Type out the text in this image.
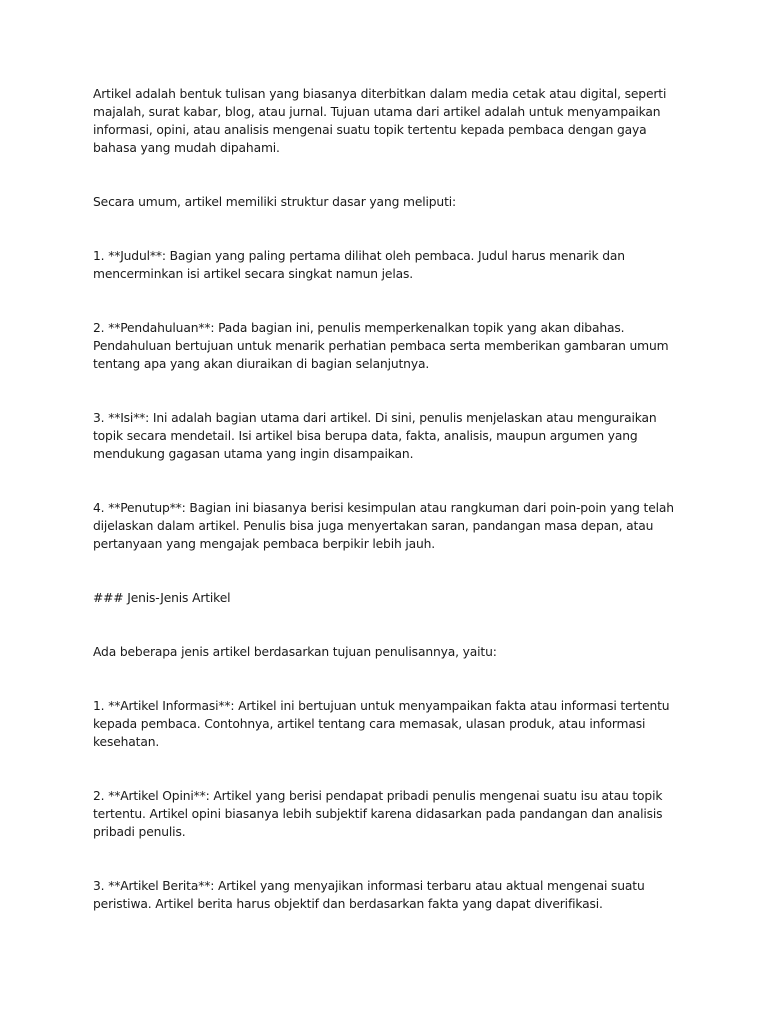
Artikel adalah bentuk tulisan yang biasanya diterbitkan dalam media cetak atau digital, seperti majalah, surat kabar, blog, atau jurnal. Tujuan utama dari artikel adalah untuk menyampaikan informasi, opini, atau analisis mengenai suatu topik tertentu kepada pembaca dengan gaya bahasa yang mudah dipahami.

Secara umum, artikel memiliki struktur dasar yang meliputi:

1. **Judul**: Bagian yang paling pertama dilihat oleh pembaca. Judul harus menarik dan mencerminkan isi artikel secara singkat namun jelas.

2. **Pendahuluan**: Pada bagian ini, penulis memperkenalkan topik yang akan dibahas. Pendahuluan bertujuan untuk menarik perhatian pembaca serta memberikan gambaran umum tentang apa yang akan diuraikan di bagian selanjutnya.

3. **Isi**: Ini adalah bagian utama dari artikel. Di sini, penulis menjelaskan atau menguraikan topik secara mendetail. Isi artikel bisa berupa data, fakta, analisis, maupun argumen yang mendukung gagasan utama yang ingin disampaikan.

4. **Penutup**: Bagian ini biasanya berisi kesimpulan atau rangkuman dari poin-poin yang telah dijelaskan dalam artikel. Penulis bisa juga menyertakan saran, pandangan masa depan, atau pertanyaan yang mengajak pembaca berpikir lebih jauh.

### Jenis-Jenis Artikel

Ada beberapa jenis artikel berdasarkan tujuan penulisannya, yaitu:

1. **Artikel Informasi**: Artikel ini bertujuan untuk menyampaikan fakta atau informasi tertentu kepada pembaca. Contohnya, artikel tentang cara memasak, ulasan produk, atau informasi kesehatan.

2. **Artikel Opini**: Artikel yang berisi pendapat pribadi penulis mengenai suatu isu atau topik tertentu. Artikel opini biasanya lebih subjektif karena didasarkan pada pandangan dan analisis pribadi penulis.

3. **Artikel Berita**: Artikel yang menyajikan informasi terbaru atau aktual mengenai suatu peristiwa. Artikel berita harus objektif dan berdasarkan fakta yang dapat diverifikasi.
